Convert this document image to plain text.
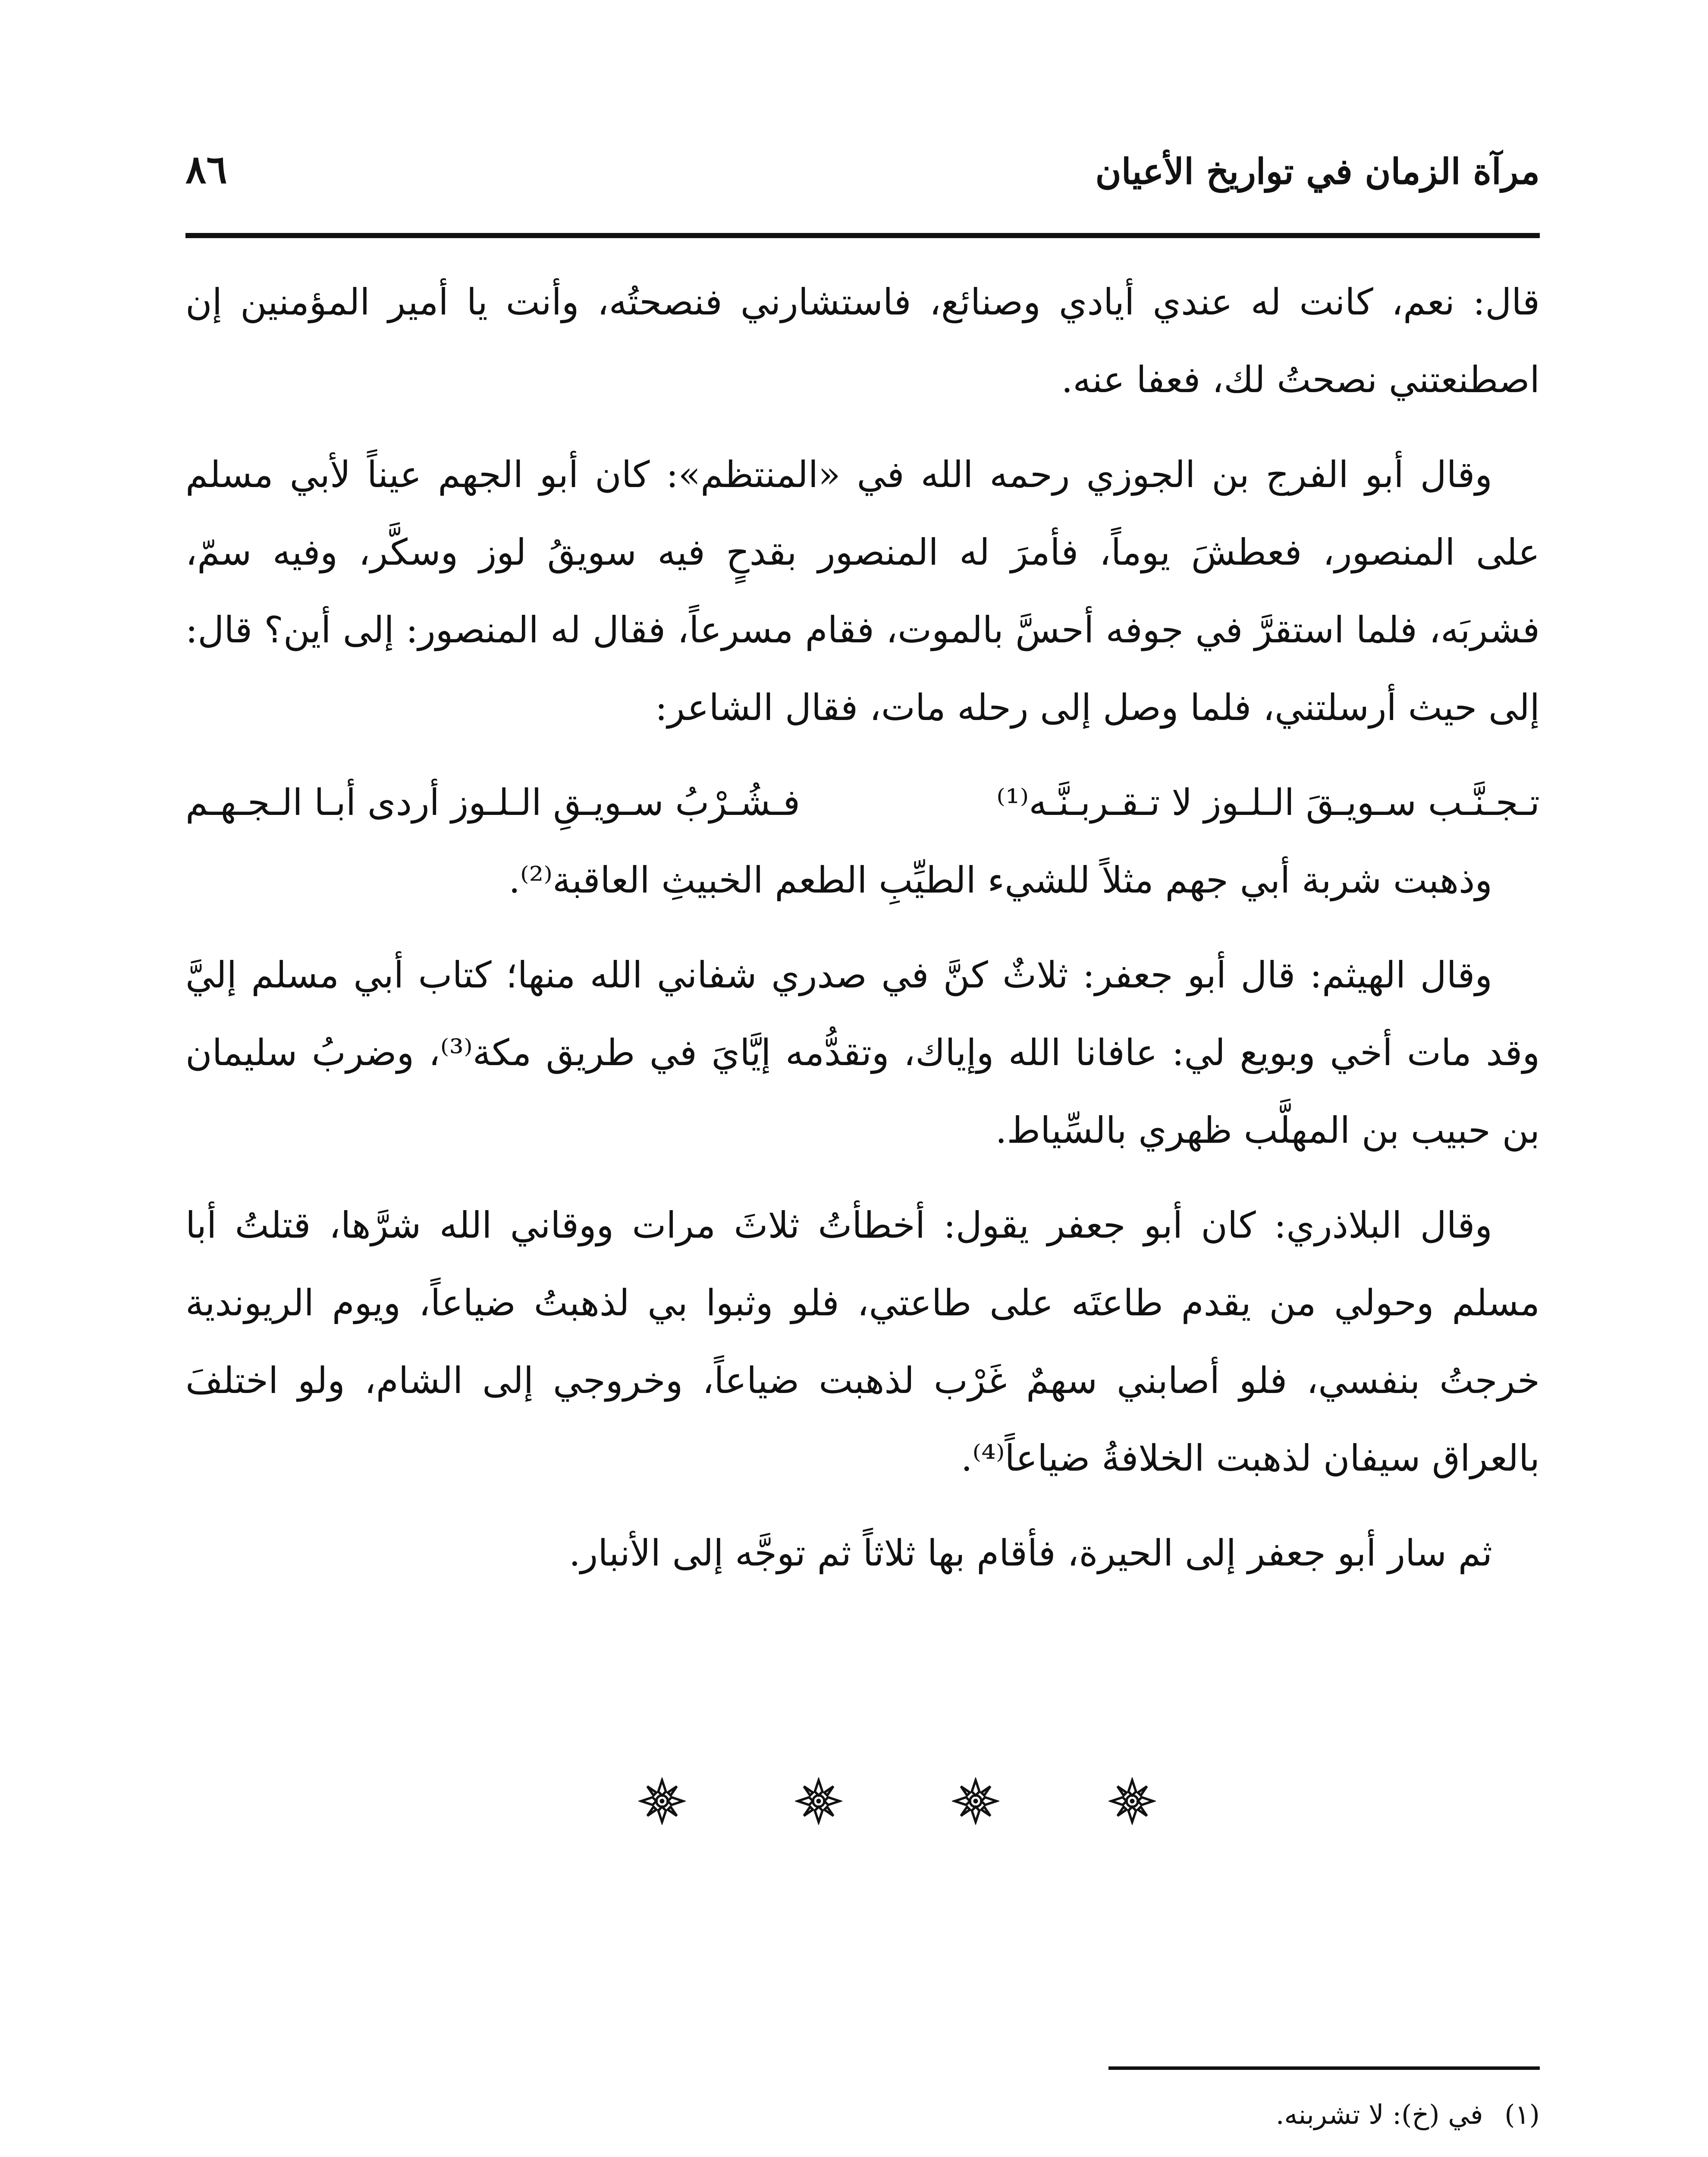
مرآة الزمان في تواريخ الأعيان
٨٦

قال: نعم، كانت له عندي أيادي وصنائع، فاستشارني فنصحتُه، وأنت يا أمير المؤمنين إن اصطنعتني نصحتُ لك، فعفا عنه.

وقال أبو الفرج بن الجوزي رحمه الله في «المنتظم»: كان أبو الجهم عيناً لأبي مسلم على المنصور، فعطشَ يوماً، فأمرَ له المنصور بقدحٍ فيه سويقُ لوز وسكَّر، وفيه سمّ، فشربَه، فلما استقرَّ في جوفه أحسَّ بالموت، فقام مسرعاً، فقال له المنصور: إلى أين؟ قال: إلى حيث أرسلتني، فلما وصل إلى رحله مات، فقال الشاعر:

تـجـنَّـب سـويـقَ الـلـوز لا تـقـربـنَّـه⁽¹⁾
فـشُـرْبُ سـويـقِ الـلـوز أردى أبـا الـجـهـم

وذهبت شربة أبي جهم مثلاً للشيء الطيِّبِ الطعم الخبيثِ العاقبة⁽²⁾.

وقال الهيثم: قال أبو جعفر: ثلاثٌ كنَّ في صدري شفاني الله منها؛ كتاب أبي مسلم إليَّ وقد مات أخي وبويع لي: عافانا الله وإياك، وتقدُّمه إيَّايَ في طريق مكة⁽³⁾، وضربُ سليمان بن حبيب بن المهلَّب ظهري بالسِّياط.

وقال البلاذري: كان أبو جعفر يقول: أخطأتُ ثلاثَ مرات ووقاني الله شرَّها، قتلتُ أبا مسلم وحولي من يقدم طاعتَه على طاعتي، فلو وثبوا بي لذهبتُ ضياعاً، ويوم الريوندية خرجتُ بنفسي، فلو أصابني سهمٌ غَرْب لذهبت ضياعاً، وخروجي إلى الشام، ولو اختلفَ بالعراق سيفان لذهبت الخلافةُ ضياعاً⁽⁴⁾.

ثم سار أبو جعفر إلى الحيرة، فأقام بها ثلاثاً ثم توجَّه إلى الأنبار.

(١) في (خ): لا تشربنه.
